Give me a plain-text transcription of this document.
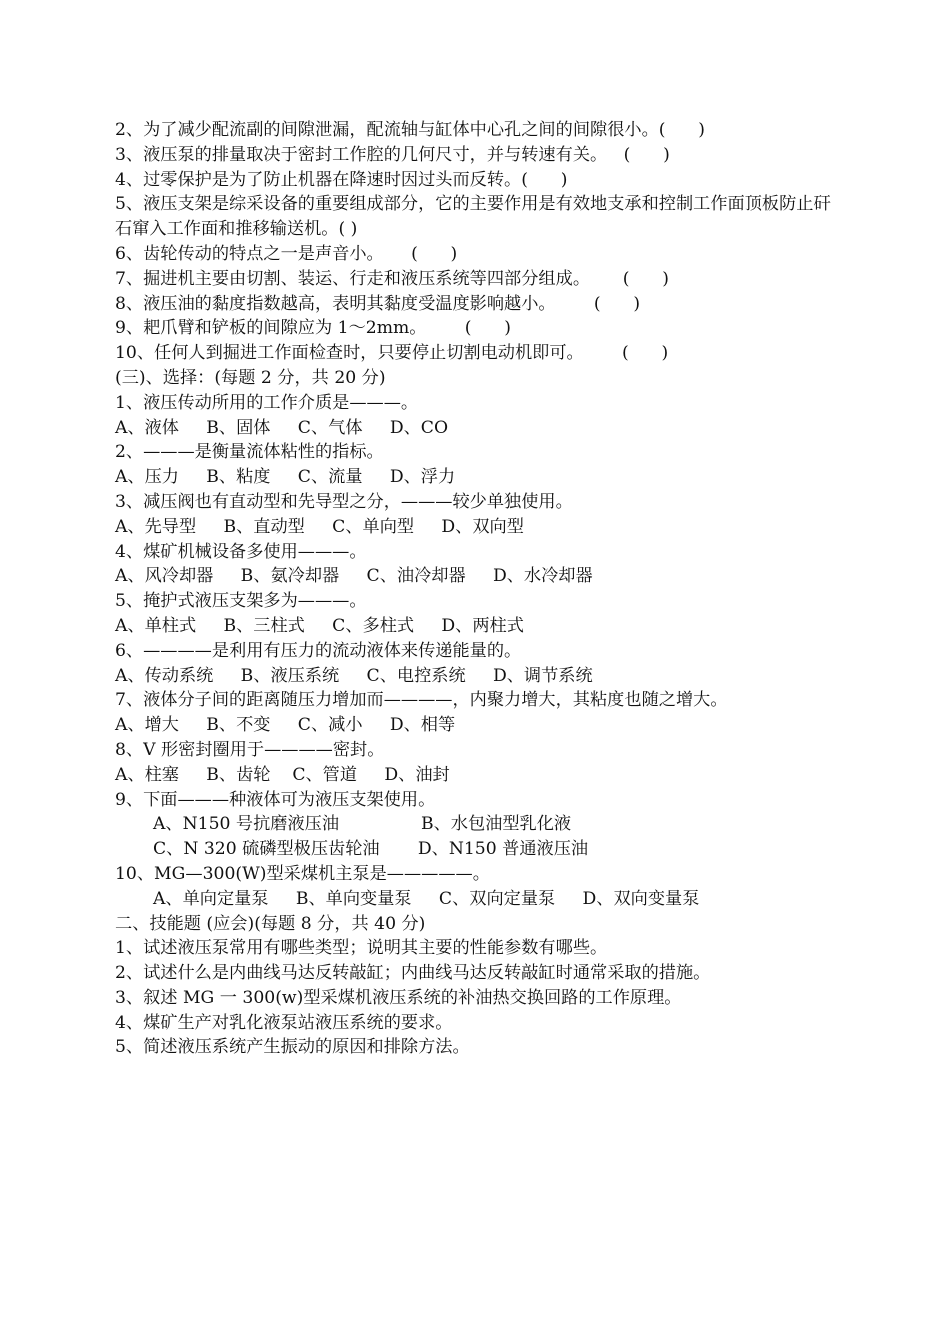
2、为了减少配流副的间隙泄漏，配流轴与缸体中心孔之间的间隙很小。(      )
3、液压泵的排量取决于密封工作腔的几何尺寸，并与转速有关。   (      )
4、过零保护是为了防止机器在降速时因过头而反转。(      )
5、液压支架是综采设备的重要组成部分，它的主要作用是有效地支承和控制工作面顶板防止矸石窜入工作面和推移输送机。( )
6、齿轮传动的特点之一是声音小。     (      )
7、掘进机主要由切割、装运、行走和液压系统等四部分组成。      (      )
8、液压油的黏度指数越高，表明其黏度受温度影响越小。       (      )
9、耙爪臂和铲板的间隙应为 1～2mm。       (      )
10、任何人到掘进工作面检查时，只要停止切割电动机即可。       (      )
(三)、选择：(每题 2 分，共 20 分)
1、液压传动所用的工作介质是———。
A、液体     B、固体     C、气体     D、CO
2、———是衡量流体粘性的指标。
A、压力     B、粘度     C、流量     D、浮力
3、减压阀也有直动型和先导型之分，———较少单独使用。
A、先导型     B、直动型     C、单向型     D、双向型
4、煤矿机械设备多使用———。
A、风冷却器     B、氨冷却器     C、油冷却器     D、水冷却器
5、掩护式液压支架多为———。
A、单柱式     B、三柱式     C、多柱式     D、两柱式
6、————是利用有压力的流动液体来传递能量的。
A、传动系统     B、液压系统     C、电控系统     D、调节系统
7、液体分子间的距离随压力增加而————，内聚力增大，其粘度也随之增大。
A、增大     B、不变     C、减小     D、相等
8、V 形密封圈用于————密封。
A、柱塞     B、齿轮    C、管道     D、油封
9、下面———种液体可为液压支架使用。
A、N150 号抗磨液压油               B、水包油型乳化液
C、N 320 硫磷型极压齿轮油       D、N150 普通液压油
10、MG—300(W)型采煤机主泵是—————。
A、单向定量泵     B、单向变量泵     C、双向定量泵     D、双向变量泵
二、技能题 (应会)(每题 8 分，共 40 分)
1、试述液压泵常用有哪些类型；说明其主要的性能参数有哪些。
2、试述什么是内曲线马达反转敲缸；内曲线马达反转敲缸时通常采取的措施。
3、叙述 MG 一 300(w)型采煤机液压系统的补油热交换回路的工作原理。
4、煤矿生产对乳化液泵站液压系统的要求。
5、简述液压系统产生振动的原因和排除方法。
